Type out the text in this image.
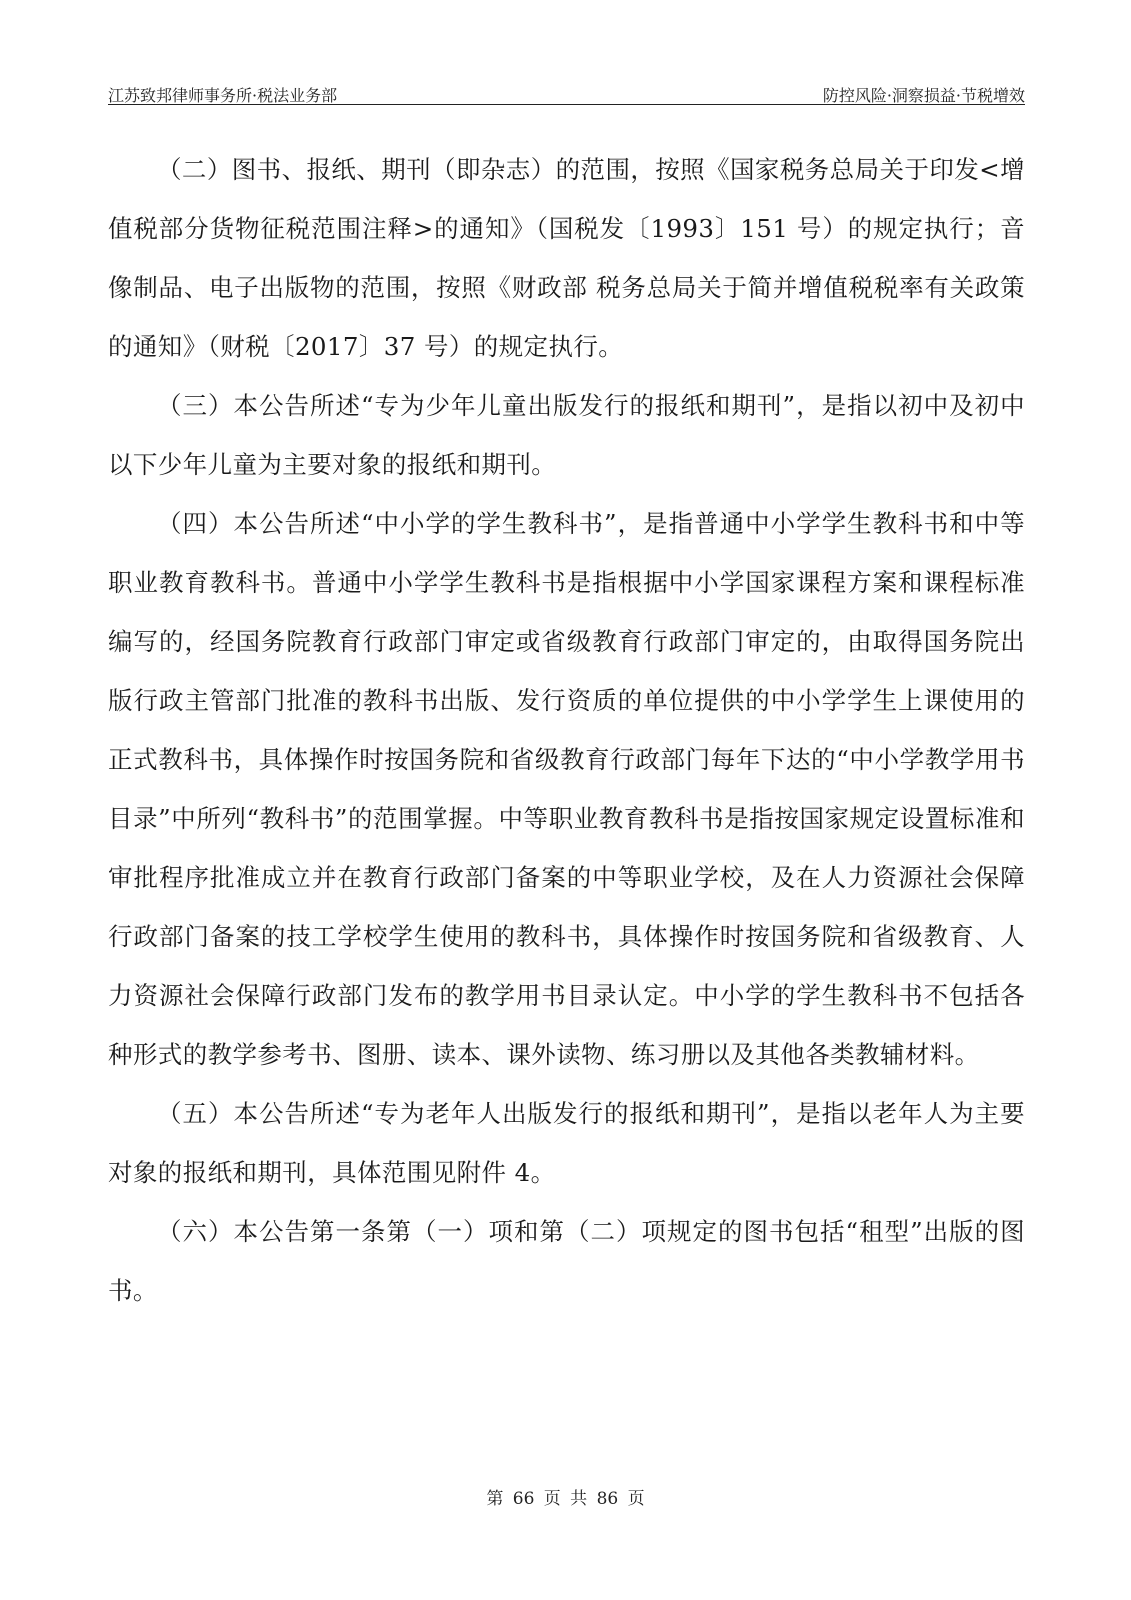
江苏致邦律师事务所·税法业务部	防控风险·洞察损益·节税增效

（二）图书、报纸、期刊（即杂志）的范围，按照《国家税务总局关于印发<增值税部分货物征税范围注释>的通知》（国税发〔1993〕151 号）的规定执行；音像制品、电子出版物的范围，按照《财政部 税务总局关于简并增值税税率有关政策的通知》（财税〔2017〕37 号）的规定执行。

（三）本公告所述“专为少年儿童出版发行的报纸和期刊”，是指以初中及初中以下少年儿童为主要对象的报纸和期刊。

（四）本公告所述“中小学的学生教科书”，是指普通中小学学生教科书和中等职业教育教科书。普通中小学学生教科书是指根据中小学国家课程方案和课程标准编写的，经国务院教育行政部门审定或省级教育行政部门审定的，由取得国务院出版行政主管部门批准的教科书出版、发行资质的单位提供的中小学学生上课使用的正式教科书，具体操作时按国务院和省级教育行政部门每年下达的“中小学教学用书目录”中所列“教科书”的范围掌握。中等职业教育教科书是指按国家规定设置标准和审批程序批准成立并在教育行政部门备案的中等职业学校，及在人力资源社会保障行政部门备案的技工学校学生使用的教科书，具体操作时按国务院和省级教育、人力资源社会保障行政部门发布的教学用书目录认定。中小学的学生教科书不包括各种形式的教学参考书、图册、读本、课外读物、练习册以及其他各类教辅材料。

（五）本公告所述“专为老年人出版发行的报纸和期刊”，是指以老年人为主要对象的报纸和期刊，具体范围见附件 4。

（六）本公告第一条第（一）项和第（二）项规定的图书包括“租型”出版的图书。

第 66 页 共 86 页
